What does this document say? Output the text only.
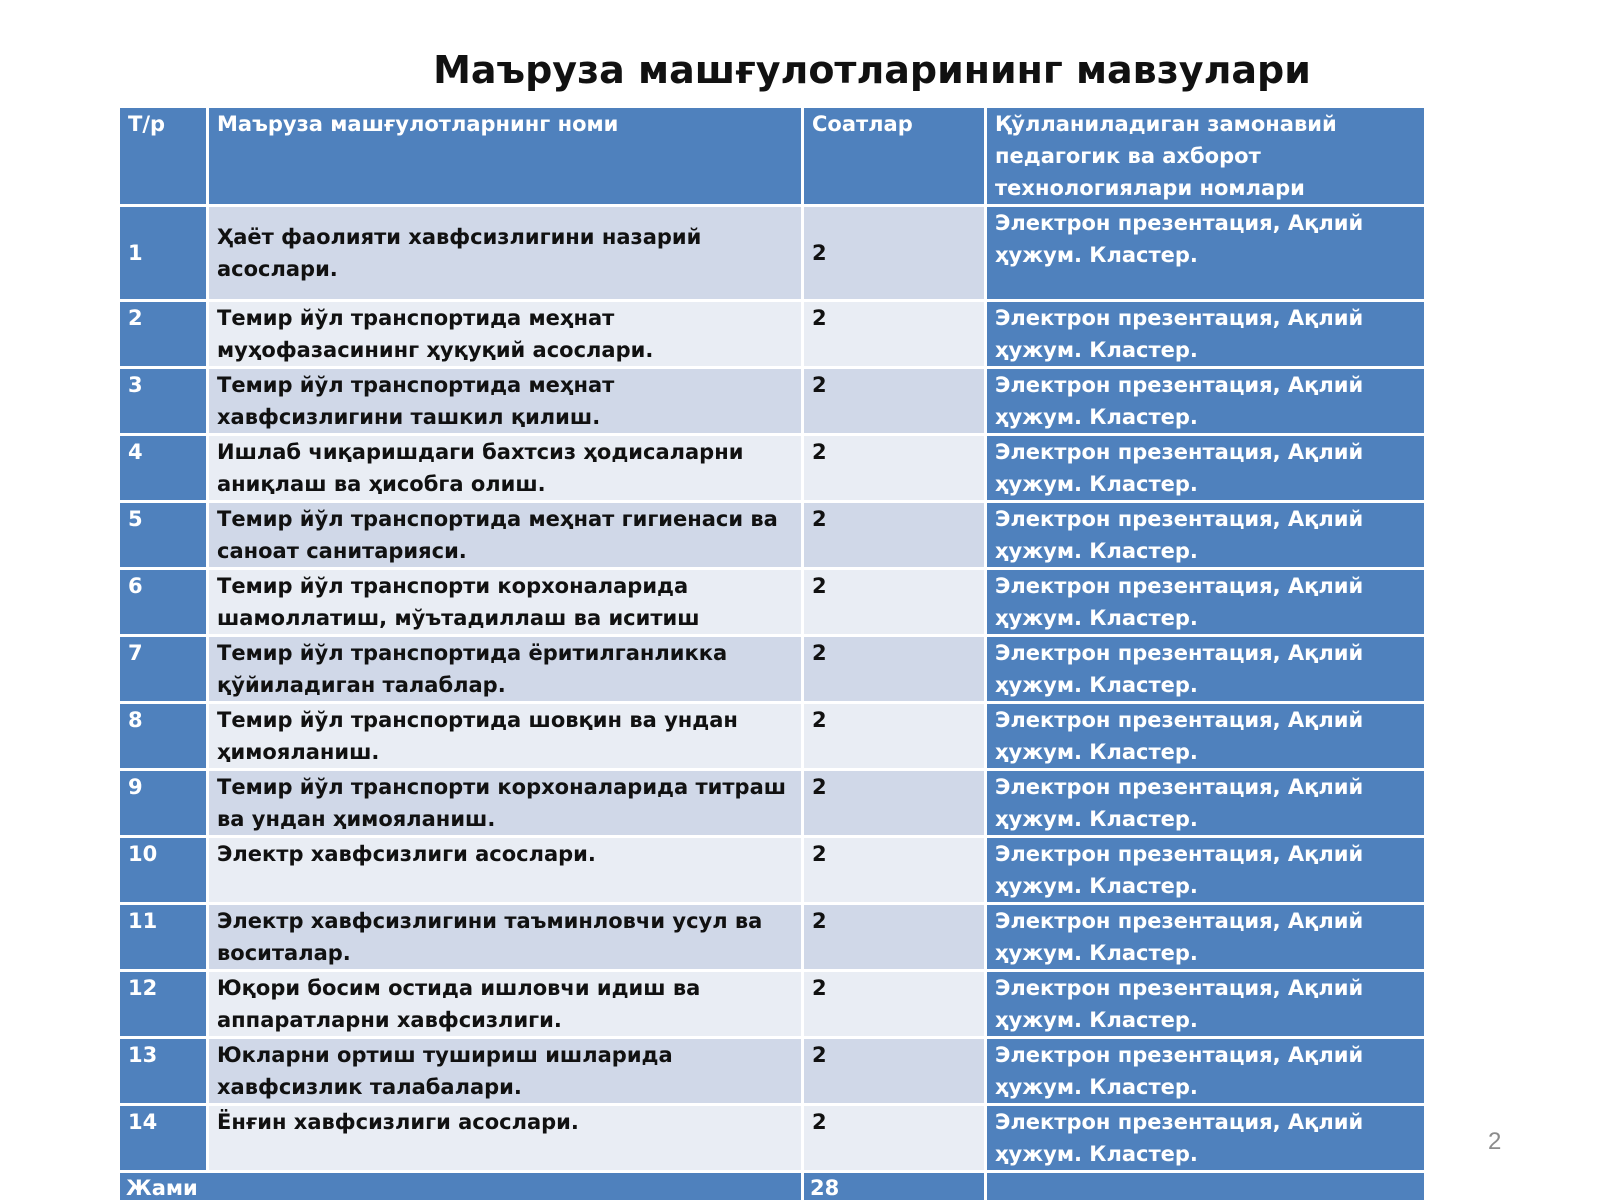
Маърузa машғулотларининг мавзулари
Т/р	Маъруза машғулотларнинг номи	Соатлар	Қўлланиладиган замонавий педагогик ва ахборот технологиялари номлари
1	Ҳаёт фаолияти хавфсизлигини назарий асослари.	2	Электрон презентация, Ақлий ҳужум. Кластер.
2	Темир йўл транспортида меҳнат муҳофазасининг ҳуқуқий асослари.	2	Электрон презентация, Ақлий ҳужум. Кластер.
3	Темир йўл транспортида меҳнат хавфсизлигини ташкил қилиш.	2	Электрон презентация, Ақлий ҳужум. Кластер.
4	Ишлаб чиқаришдаги бахтсиз ҳодисаларни аниқлаш ва ҳисобга олиш.	2	Электрон презентация, Ақлий ҳужум. Кластер.
5	Темир йўл транспортида меҳнат гигиенаси ва саноат санитарияси.	2	Электрон презентация, Ақлий ҳужум. Кластер.
6	Темир йўл транспорти корхоналарида шамоллатиш, мўътадиллаш ва иситиш	2	Электрон презентация, Ақлий ҳужум. Кластер.
7	Темир йўл транспортида ёритилганликка қўйиладиган талаблар.	2	Электрон презентация, Ақлий ҳужум. Кластер.
8	Темир йўл транспортида шовқин ва ундан ҳимояланиш.	2	Электрон презентация, Ақлий ҳужум. Кластер.
9	Темир йўл транспорти корхоналарида титраш ва ундан ҳимояланиш.	2	Электрон презентация, Ақлий ҳужум. Кластер.
10	Электр хавфсизлиги асослари.	2	Электрон презентация, Ақлий ҳужум. Кластер.
11	Электр хавфсизлигини таъминловчи усул ва воситалар.	2	Электрон презентация, Ақлий ҳужум. Кластер.
12	Юқори босим остида ишловчи идиш ва аппаратларни хавфсизлиги.	2	Электрон презентация, Ақлий ҳужум. Кластер.
13	Юкларни ортиш тушириш ишларида хавфсизлик талабалари.	2	Электрон презентация, Ақлий ҳужум. Кластер.
14	Ёнғин хавфсизлиги асослари.	2	Электрон презентация, Ақлий ҳужум. Кластер.
Жами		28	
2
